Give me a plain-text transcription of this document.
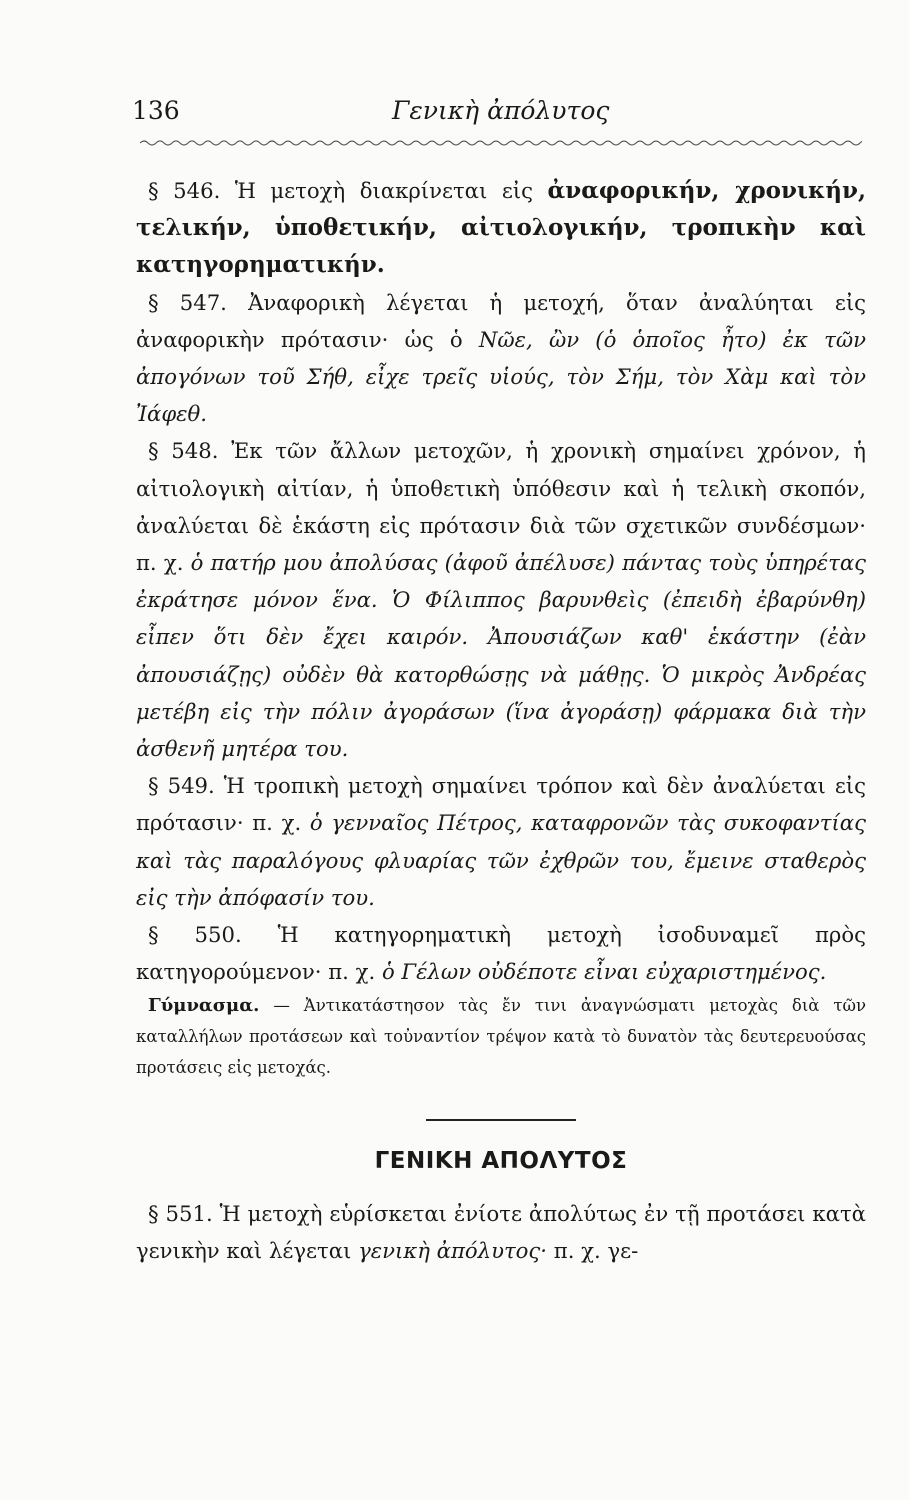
136	Γενικὴ ἀπόλυτος

§ 546. Ἡ μετοχὴ διακρίνεται εἰς ἀναφορικήν, χρονικήν, τελικήν, ὑποθετικήν, αἰτιολογικήν, τροπικὴν καὶ κατηγορηματικήν.

§ 547. Ἀναφορικὴ λέγεται ἡ μετοχή, ὅταν ἀναλύηται εἰς ἀναφορικὴν πρότασιν· ὡς ὁ Νῶε, ὢν (ὁ ὁποῖος ἦτο) ἐκ τῶν ἀπογόνων τοῦ Σήθ, εἶχε τρεῖς υἱούς, τὸν Σήμ, τὸν Χὰμ καὶ τὸν Ἰάφεθ.

§ 548. Ἐκ τῶν ἄλλων μετοχῶν, ἡ χρονικὴ σημαίνει χρόνον, ἡ αἰτιολογικὴ αἰτίαν, ἡ ὑποθετικὴ ὑπόθεσιν καὶ ἡ τελικὴ σκοπόν, ἀναλύεται δὲ ἑκάστη εἰς πρότασιν διὰ τῶν σχετικῶν συνδέσμων· π. χ. ὁ πατήρ μου ἀπολύσας (ἀφοῦ ἀπέλυσε) πάντας τοὺς ὑπηρέτας ἐκράτησε μόνον ἕνα. Ὁ Φίλιππος βαρυνθεὶς (ἐπειδὴ ἐβαρύνθη) εἶπεν ὅτι δὲν ἔχει καιρόν. Ἀπουσιάζων καθ' ἑκάστην (ἐὰν ἀπουσιάζῃς) οὐδὲν θὰ κατορθώσῃς νὰ μάθῃς. Ὁ μικρὸς Ἀνδρέας μετέβη εἰς τὴν πόλιν ἀγοράσων (ἵνα ἀγοράσῃ) φάρμακα διὰ τὴν ἀσθενῆ μητέρα του.

§ 549. Ἡ τροπικὴ μετοχὴ σημαίνει τρόπον καὶ δὲν ἀναλύεται εἰς πρότασιν· π. χ. ὁ γενναῖος Πέτρος, καταφρονῶν τὰς συκοφαντίας καὶ τὰς παραλόγους φλυαρίας τῶν ἐχθρῶν του, ἔμεινε σταθερὸς εἰς τὴν ἀπόφασίν του.

§ 550. Ἡ κατηγορηματικὴ μετοχὴ ἰσοδυναμεῖ πρὸς κατηγορούμενον· π. χ. ὁ Γέλων οὐδέποτε εἶναι εὐχαριστημένος.

Γύμνασμα. — Ἀντικατάστησον τὰς ἔν τινι ἀναγνώσματι μετοχὰς διὰ τῶν καταλλήλων προτάσεων καὶ τοὐναντίον τρέψον κατὰ τὸ δυνατὸν τὰς δευτερευούσας προτάσεις εἰς μετοχάς.

ΓΕΝΙΚΗ ΑΠΟΛΥΤΟΣ

§ 551. Ἡ μετοχὴ εὑρίσκεται ἐνίοτε ἀπολύτως ἐν τῇ προτάσει κατὰ γενικὴν καὶ λέγεται γενικὴ ἀπόλυτος· π. χ. γε-
